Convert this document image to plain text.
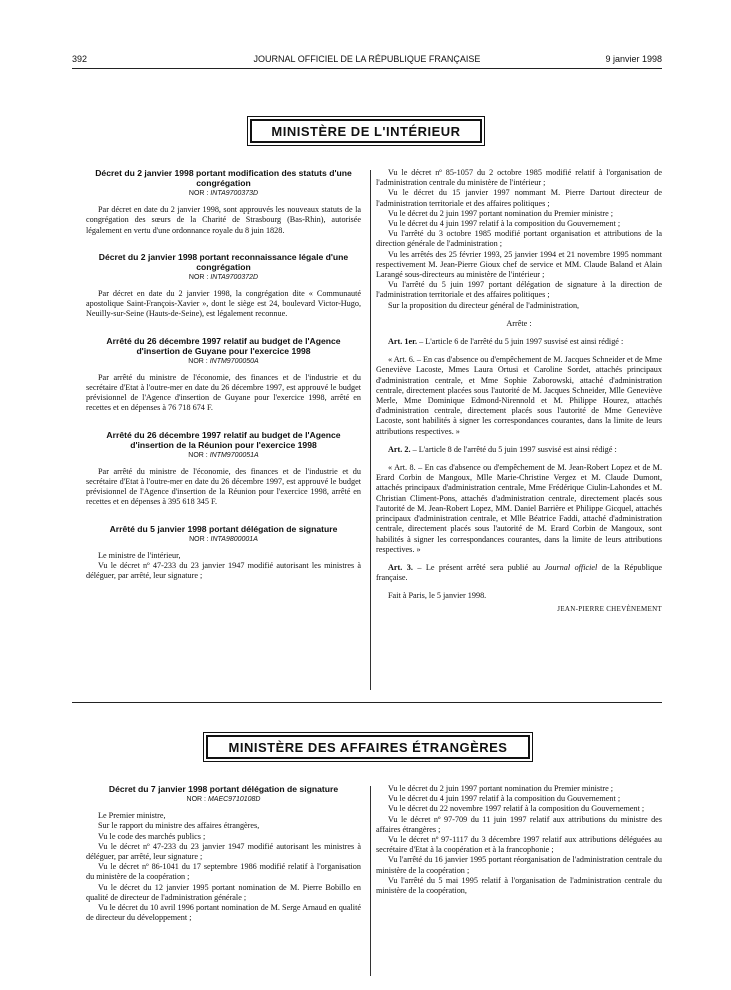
392	JOURNAL OFFICIEL DE LA RÉPUBLIQUE FRANÇAISE	9 janvier 1998
MINISTÈRE DE L'INTÉRIEUR
Décret du 2 janvier 1998 portant modification des statuts d'une congrégation
NOR : INTA9700373D

Par décret en date du 2 janvier 1998, sont approuvés les nouveaux statuts de la congrégation des sœurs de la Charité de Strasbourg (Bas-Rhin), autorisée légalement en vertu d'une ordonnance royale du 8 juin 1828.

Décret du 2 janvier 1998 portant reconnaissance légale d'une congrégation
NOR : INTA9700372D

Par décret en date du 2 janvier 1998, la congrégation dite « Communauté apostolique Saint-François-Xavier », dont le siège est 24, boulevard Victor-Hugo, Neuilly-sur-Seine (Hauts-de-Seine), est légalement reconnue.

Arrêté du 26 décembre 1997 relatif au budget de l'Agence d'insertion de Guyane pour l'exercice 1998
NOR : INTM9700050A

Par arrêté du ministre de l'économie, des finances et de l'industrie et du secrétaire d'Etat à l'outre-mer en date du 26 décembre 1997, est approuvé le budget prévisionnel de l'Agence d'insertion de Guyane pour l'exercice 1998, arrêté en recettes et en dépenses à 76 718 674 F.

Arrêté du 26 décembre 1997 relatif au budget de l'Agence d'insertion de la Réunion pour l'exercice 1998
NOR : INTM9700051A

Par arrêté du ministre de l'économie, des finances et de l'industrie et du secrétaire d'Etat à l'outre-mer en date du 26 décembre 1997, est approuvé le budget prévisionnel de l'Agence d'insertion de la Réunion pour l'exercice 1998, arrêté en recettes et en dépenses à 395 618 345 F.

Arrêté du 5 janvier 1998 portant délégation de signature
NOR : INTA9800001A

Le ministre de l'intérieur,

Vu le décret nº 47-233 du 23 janvier 1947 modifié autorisant les ministres à déléguer, par arrêté, leur signature ;

Vu le décret nº 85-1057 du 2 octobre 1985 modifié relatif à l'organisation de l'administration centrale du ministère de l'intérieur ;

Vu le décret du 15 janvier 1997 nommant M. Pierre Dartout directeur de l'administration territoriale et des affaires politiques ;

Vu le décret du 2 juin 1997 portant nomination du Premier ministre ;

Vu le décret du 4 juin 1997 relatif à la composition du Gouvernement ;

Vu l'arrêté du 3 octobre 1985 modifié portant organisation et attributions de la direction générale de l'administration ;

Vu les arrêtés des 25 février 1993, 25 janvier 1994 et 21 novembre 1995 nommant respectivement M. Jean-Pierre Gioux chef de service et MM. Claude Baland et Alain Larangé sous-directeurs au ministère de l'intérieur ;

Vu l'arrêté du 5 juin 1997 portant délégation de signature à la direction de l'administration territoriale et des affaires politiques ;

Sur la proposition du directeur général de l'administration,

Arrête :

Art. 1er. – L'article 6 de l'arrêté du 5 juin 1997 susvisé est ainsi rédigé :

« Art. 6. – En cas d'absence ou d'empêchement de M. Jacques Schneider et de Mme Geneviève Lacoste, Mmes Laura Ortusi et Caroline Sordet, attachés principaux d'administration centrale, et Mme Sophie Zaborowski, attaché d'administration centrale, directement placées sous l'autorité de M. Jacques Schneider, Mlle Geneviève Merle, Mme Dominique Edmond-Nirennold et M. Philippe Hourez, attachés d'administration centrale, directement placés sous l'autorité de Mme Geneviève Lacoste, sont habilités à signer les correspondances courantes, dans la limite de leurs attributions respectives. »

Art. 2. – L'article 8 de l'arrêté du 5 juin 1997 susvisé est ainsi rédigé :

« Art. 8. – En cas d'absence ou d'empêchement de M. Jean-Robert Lopez et de M. Erard Corbin de Mangoux, Mlle Marie-Christine Vergez et M. Claude Dumont, attachés principaux d'administration centrale, Mme Frédérique Ciulin-Lahondes et M. Christian Climent-Pons, attachés d'administration centrale, directement placés sous l'autorité de M. Jean-Robert Lopez, MM. Daniel Barrière et Philippe Gicquel, attachés principaux d'administration centrale, et Mlle Béatrice Faddi, attaché d'administration centrale, directement placés sous l'autorité de M. Erard Corbin de Mangoux, sont habilités à signer les correspondances courantes, dans la limite de leurs attributions respectives. »

Art. 3. – Le présent arrêté sera publié au Journal officiel de la République française.

Fait à Paris, le 5 janvier 1998.

JEAN-PIERRE CHEVÈNEMENT
MINISTÈRE DES AFFAIRES ÉTRANGÈRES
Décret du 7 janvier 1998 portant délégation de signature
NOR : MAEC9710108D

Le Premier ministre,

Sur le rapport du ministre des affaires étrangères,

Vu le code des marchés publics ;

Vu le décret nº 47-233 du 23 janvier 1947 modifié autorisant les ministres à déléguer, par arrêté, leur signature ;

Vu le décret nº 86-1041 du 17 septembre 1986 modifié relatif à l'organisation du ministère de la coopération ;

Vu le décret du 12 janvier 1995 portant nomination de M. Pierre Bobillo en qualité de directeur de l'administration générale ;

Vu le décret du 10 avril 1996 portant nomination de M. Serge Arnaud en qualité de directeur du développement ;

Vu le décret du 2 juin 1997 portant nomination du Premier ministre ;

Vu le décret du 4 juin 1997 relatif à la composition du Gouvernement ;

Vu le décret du 22 novembre 1997 relatif à la composition du Gouvernement ;

Vu le décret nº 97-709 du 11 juin 1997 relatif aux attributions du ministre des affaires étrangères ;

Vu le décret nº 97-1117 du 3 décembre 1997 relatif aux attributions déléguées au secrétaire d'Etat à la coopération et à la francophonie ;

Vu l'arrêté du 16 janvier 1995 portant réorganisation de l'administration centrale du ministère de la coopération ;

Vu l'arrêté du 5 mai 1995 relatif à l'organisation de l'administration centrale du ministère de la coopération,
